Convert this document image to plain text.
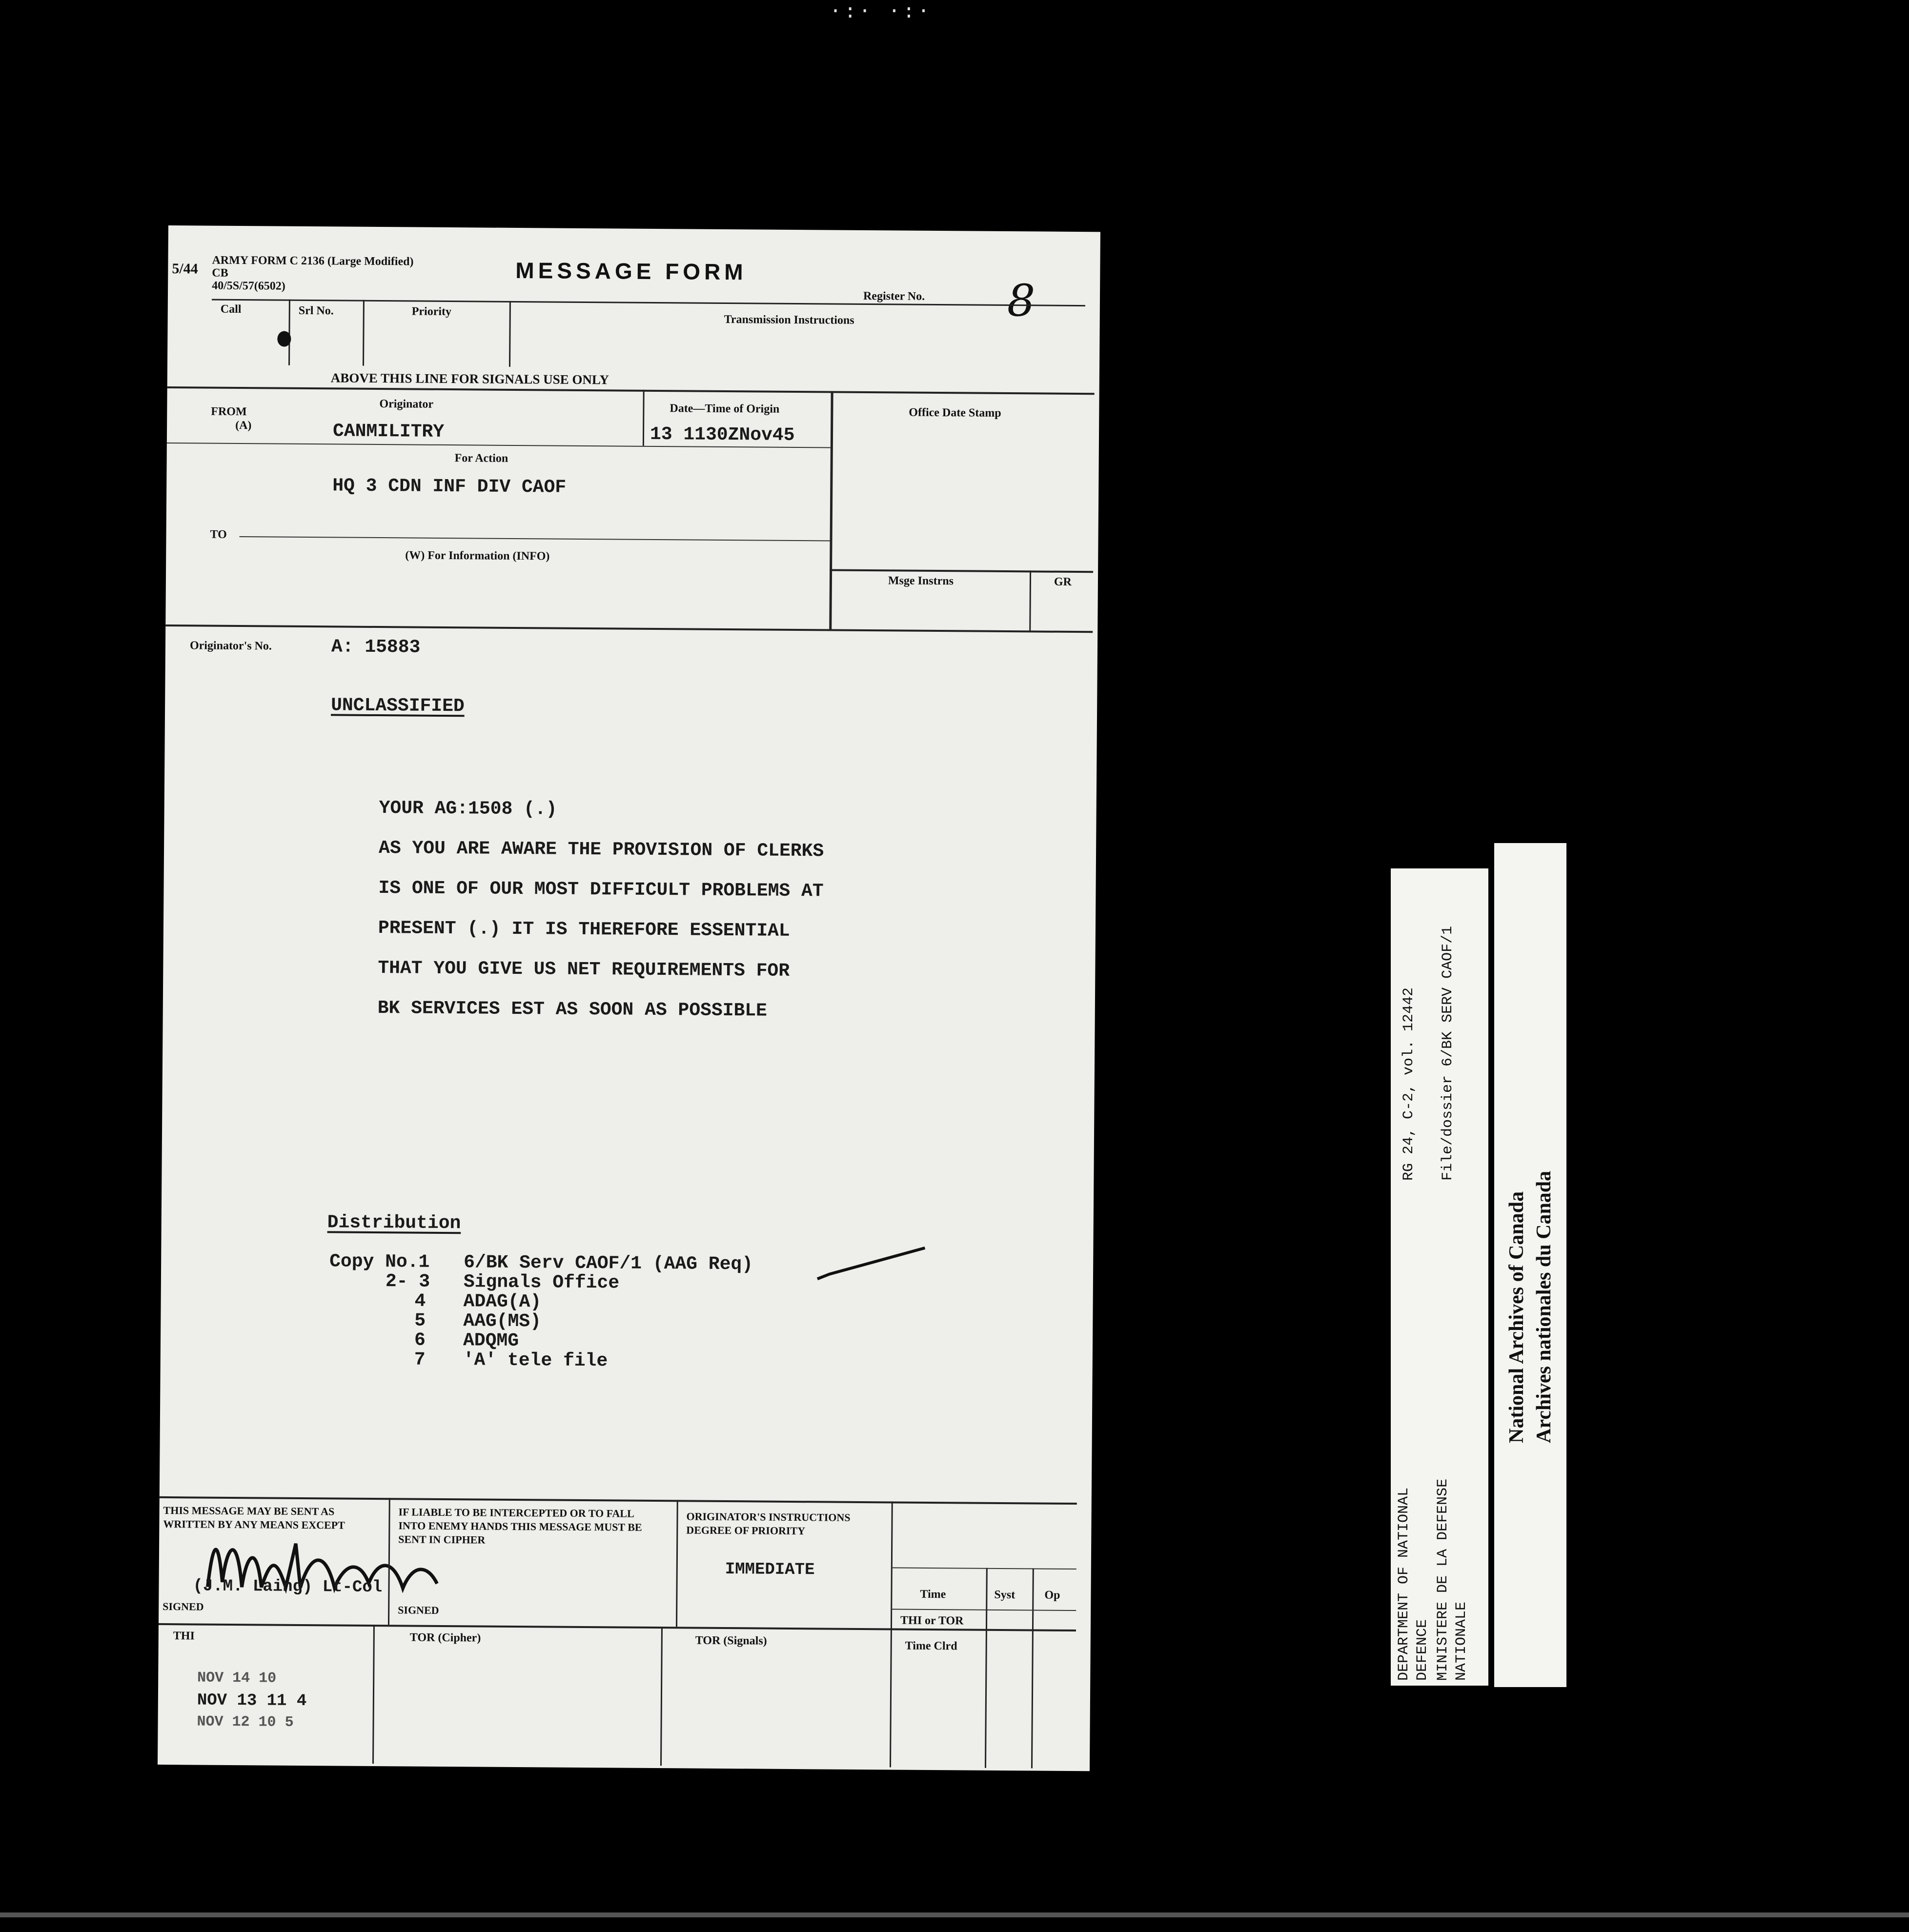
·:· ·:·
5/44 ARMY FORM C 2136 (Large Modified)
CB
40/5S/57(6502)
MESSAGE FORM
Register No. 8
Call	Srl No.	Priority
Transmission Instructions
ABOVE THIS LINE FOR SIGNALS USE ONLY
FROM
(A)
Originator
CANMILITRY
Date—Time of Origin
13 1130ZNov45
Office Date Stamp
For Action
HQ 3 CDN INF DIV CAOF
TO
(W) For Information (INFO)
Msge Instrns	GR
Originator's No.	A: 15883
UNCLASSIFIED
YOUR AG:1508 (.)
AS YOU ARE AWARE THE PROVISION OF CLERKS
IS ONE OF OUR MOST DIFFICULT PROBLEMS AT
PRESENT (.) IT IS THEREFORE ESSENTIAL
THAT YOU GIVE US NET REQUIREMENTS FOR
BK SERVICES EST AS SOON AS POSSIBLE
Distribution
Copy No.1 6/BK Serv CAOF/1 (AAG Req)
2- 3 Signals Office
4 ADAG(A)
5 AAG(MS)
6 ADQMG
7 'A' tele file
THIS MESSAGE MAY BE SENT AS WRITTEN BY ANY MEANS EXCEPT
(J.M. Laing) Lt-Col
SIGNED
IF LIABLE TO BE INTERCEPTED OR TO FALL INTO ENEMY HANDS THIS MESSAGE MUST BE SENT IN CIPHER
SIGNED
ORIGINATOR'S INSTRUCTIONS DEGREE OF PRIORITY
IMMEDIATE
Time	Syst	Op
THI or TOR
Time Clrd
THI	TOR (Cipher)	TOR (Signals)
NOV 14 10
NOV 13 11 4
NOV 12 10 5
DEPARTMENT OF NATIONAL
DEFENCE MINISTERE DE LA DEFENSE
NATIONALE
RG 24, C-2, vol. 12442 File/dossier 6/BK SERV CAOF/1
National Archives of Canada Archives nationales du Canada
